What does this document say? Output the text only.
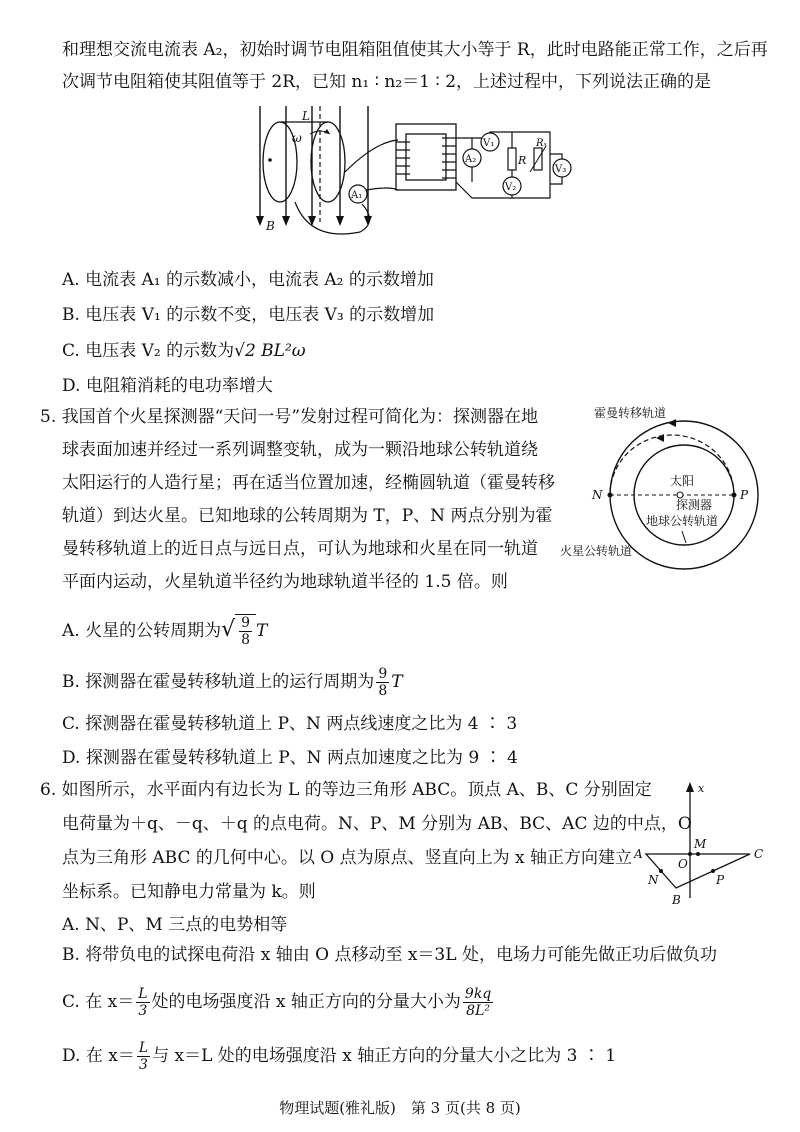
和理想交流电流表 A₂，初始时调节电阻箱阻值使其大小等于 R，此时电路能正常工作，之后再
次调节电阻箱使其阻值等于 2R，已知 n₁ ∶ n₂＝1 ∶ 2，上述过程中，下列说法正确的是
L
ω
B
A₁
A₂
V₁
R
Rₓ
V₂
V₃
A. 电流表 A₁ 的示数减小，电流表 A₂ 的示数增加
B. 电压表 V₁ 的示数不变，电压表 V₃ 的示数增加
C. 电压表 V₂ 的示数为√2 BL²ω
D. 电阻箱消耗的电功率增大
5. 我国首个火星探测器“天问一号”发射过程可简化为：探测器在地
球表面加速并经过一系列调整变轨，成为一颗沿地球公转轨道绕
太阳运行的人造行星；再在适当位置加速，经椭圆轨道（霍曼转移
轨道）到达火星。已知地球的公转周期为 T，P、N 两点分别为霍
曼转移轨道上的近日点与远日点，可认为地球和火星在同一轨道
平面内运动，火星轨道半径约为地球轨道半径的 1.5 倍。则
霍曼转移轨道
太阳
探测器
地球公转轨道
火星公转轨道
N	P
A. 火星的公转周期为√ $\frac{9}{8}$ T
B. 探测器在霍曼转移轨道上的运行周期为 $\frac{9}{8}$ T
C. 探测器在霍曼转移轨道上 P、N 两点线速度之比为 4 ∶ 3
D. 探测器在霍曼转移轨道上 P、N 两点加速度之比为 9 ∶ 4
6. 如图所示，水平面内有边长为 L 的等边三角形 ABC。顶点 A、B、C 分别固定
电荷量为＋q、－q、＋q 的点电荷。N、P、M 分别为 AB、BC、AC 边的中点，O
点为三角形 ABC 的几何中心。以 O 点为原点、竖直向上为 x 轴正方向建立
坐标系。已知静电力常量为 k。则
x
A	C
B
M
N	P
O
A. N、P、M 三点的电势相等
B. 将带负电的试探电荷沿 x 轴由 O 点移动至 x＝3L 处，电场力可能先做正功后做负功
C. 在 $x= \frac{L}{3}$ 处的电场强度沿 x 轴正方向的分量大小为 $\frac{9kq}{\text{8L²}}$
D. 在 $x= \frac{L}{3}$ 与 x＝L 处的电场强度沿 x 轴正方向的分量大小之比为 3 ∶ 1
物理试题(雅礼版)　第 3 页(共 8 页)
